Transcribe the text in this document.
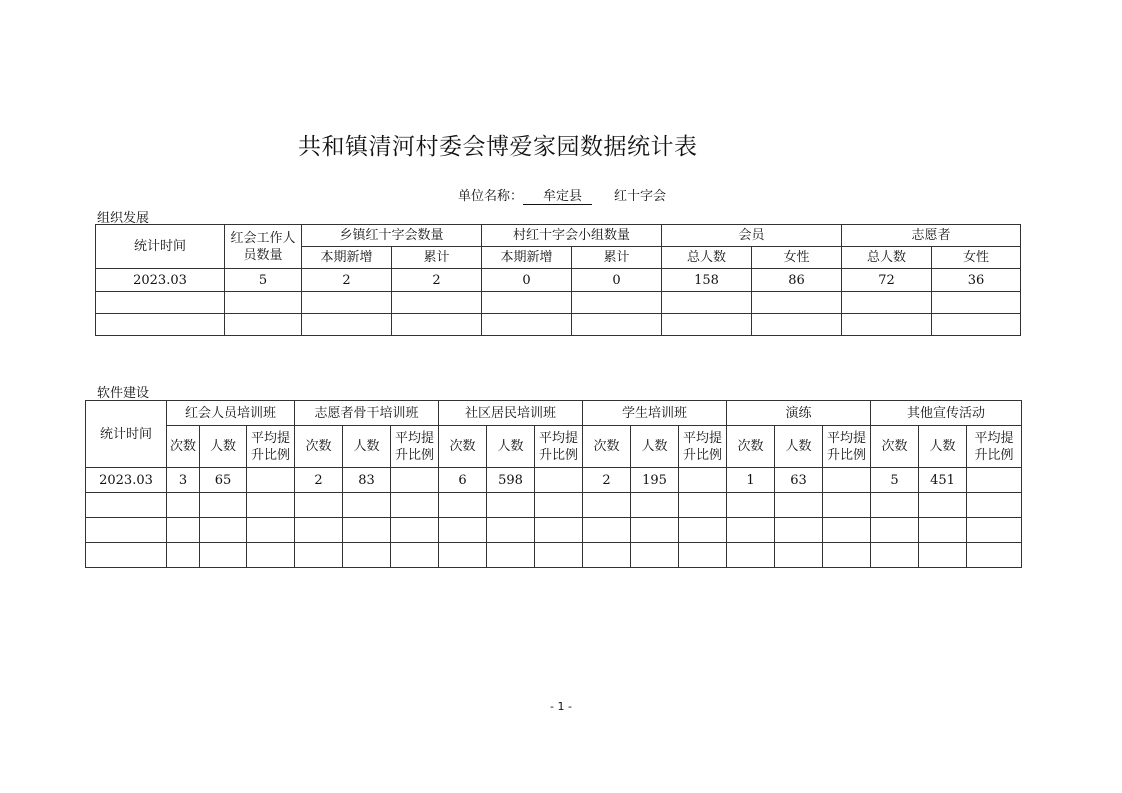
共和镇清河村委会博爱家园数据统计表
单位名称： 牟定县 红十字会
组织发展
统计时间	红会工作人员数量	乡镇红十字会数量		村红十字会小组数量		会员		志愿者	
		本期新增	累计	本期新增	累计	总人数	女性	总人数	女性
2023.03	5	2	2	0	0	158	86	72	36

软件建设
统计时间	红会人员培训班			志愿者骨干培训班			社区居民培训班			学生培训班			演练			其他宣传活动		
	次数	人数	平均提升比例	次数	人数	平均提升比例	次数	人数	平均提升比例	次数	人数	平均提升比例	次数	人数	平均提升比例	次数	人数	平均提升比例
2023.03	3	65		2	83		6	598		2	195		1	63		5	451	

- 1 -
